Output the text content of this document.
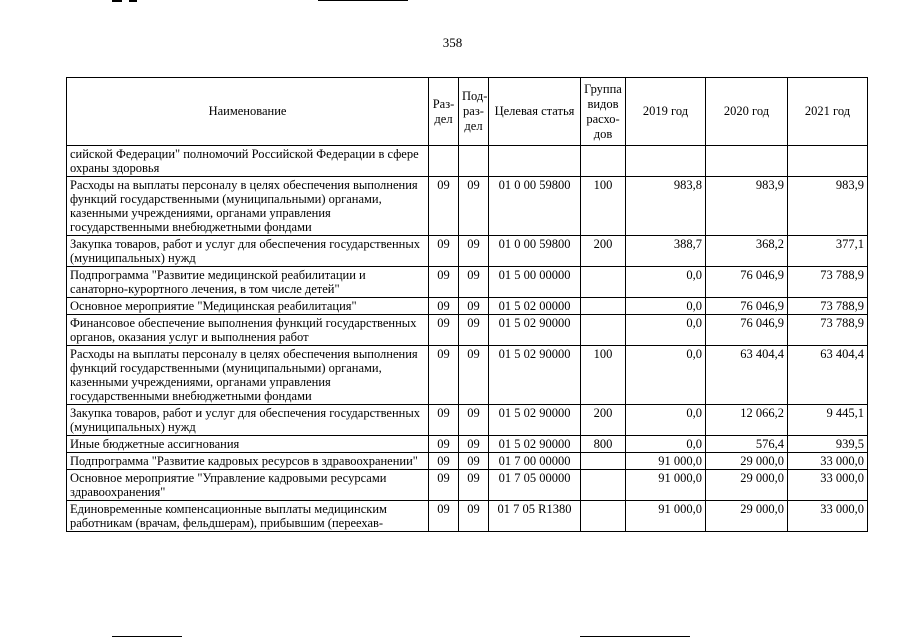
358
Наименование	Раз-дел	Под-раз-дел	Целевая статья	Группа видов расхо-дов	2019 год	2020 год	2021 год
сийской Федерации" полномочий Российской Федерации в сфере охраны здоровья							
Расходы на выплаты персоналу в целях обеспечения выполнения функций государственными (муниципальными) органами, казенными учреждениями, органами управления государственными внебюджетными фондами	09	09	01 0 00 59800	100	983,8	983,9	983,9
Закупка товаров, работ и услуг для обеспечения государственных (муниципальных) нужд	09	09	01 0 00 59800	200	388,7	368,2	377,1
Подпрограмма "Развитие медицинской реабилитации и санаторно-курортного лечения, в том числе детей"	09	09	01 5 00 00000		0,0	76 046,9	73 788,9
Основное мероприятие "Медицинская реабилитация"	09	09	01 5 02 00000		0,0	76 046,9	73 788,9
Финансовое обеспечение выполнения функций государственных органов, оказания услуг и выполнения работ	09	09	01 5 02 90000		0,0	76 046,9	73 788,9
Расходы на выплаты персоналу в целях обеспечения выполнения функций государственными (муниципальными) органами, казенными учреждениями, органами управления государственными внебюджетными фондами	09	09	01 5 02 90000	100	0,0	63 404,4	63 404,4
Закупка товаров, работ и услуг для обеспечения государственных (муниципальных) нужд	09	09	01 5 02 90000	200	0,0	12 066,2	9 445,1
Иные бюджетные ассигнования	09	09	01 5 02 90000	800	0,0	576,4	939,5
Подпрограмма "Развитие кадровых ресурсов в здравоохранении"	09	09	01 7 00 00000		91 000,0	29 000,0	33 000,0
Основное мероприятие "Управление кадровыми ресурсами здравоохранения"	09	09	01 7 05 00000		91 000,0	29 000,0	33 000,0
Единовременные компенсационные выплаты медицинским работникам (врачам, фельдшерам), прибывшим (переехав-	09	09	01 7 05 R1380		91 000,0	29 000,0	33 000,0
